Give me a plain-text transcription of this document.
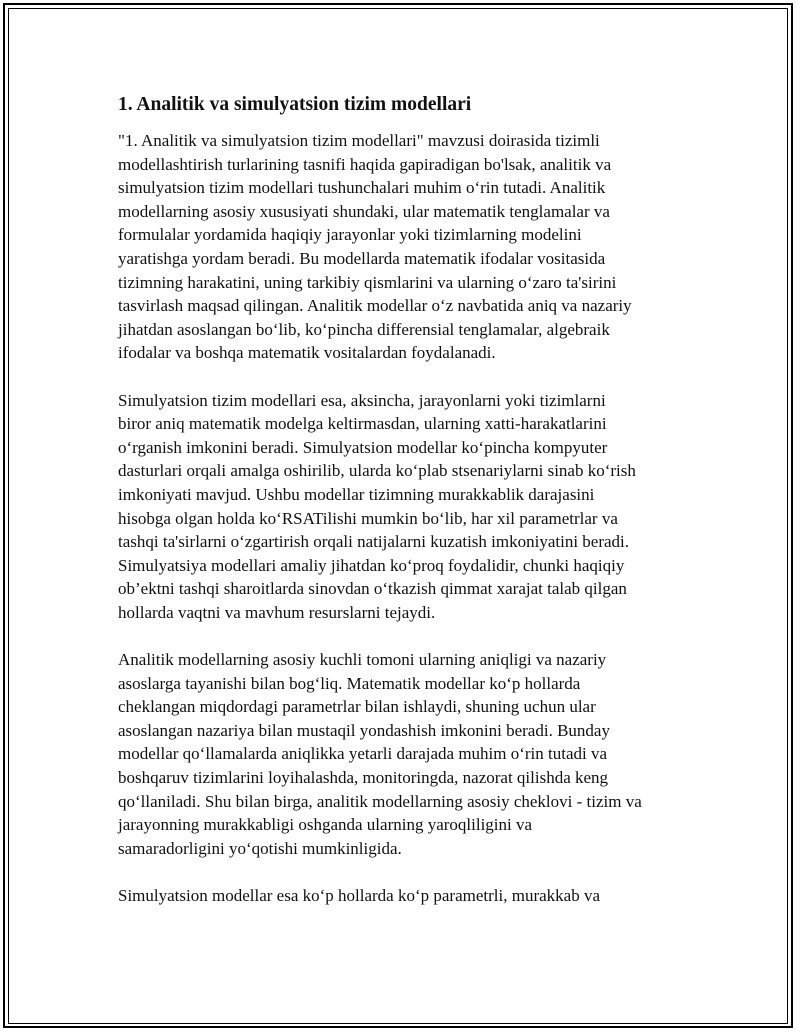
1. Analitik va simulyatsion tizim modellari
"1. Analitik va simulyatsion tizim modellari" mavzusi doirasida tizimli
modellashtirish turlarining tasnifi haqida gapiradigan bo'lsak, analitik va
simulyatsion tizim modellari tushunchalari muhim o‘rin tutadi. Analitik
modellarning asosiy xususiyati shundaki, ular matematik tenglamalar va
formulalar yordamida haqiqiy jarayonlar yoki tizimlarning modelini
yaratishga yordam beradi. Bu modellarda matematik ifodalar vositasida
tizimning harakatini, uning tarkibiy qismlarini va ularning o‘zaro ta'sirini
tasvirlash maqsad qilingan. Analitik modellar o‘z navbatida aniq va nazariy
jihatdan asoslangan bo‘lib, ko‘pincha differensial tenglamalar, algebraik
ifodalar va boshqa matematik vositalardan foydalanadi.
Simulyatsion tizim modellari esa, aksincha, jarayonlarni yoki tizimlarni
biror aniq matematik modelga keltirmasdan, ularning xatti-harakatlarini
o‘rganish imkonini beradi. Simulyatsion modellar ko‘pincha kompyuter
dasturlari orqali amalga oshirilib, ularda ko‘plab stsenariylarni sinab ko‘rish
imkoniyati mavjud. Ushbu modellar tizimning murakkablik darajasini
hisobga olgan holda ko‘RSATilishi mumkin bo‘lib, har xil parametrlar va
tashqi ta'sirlarni o‘zgartirish orqali natijalarni kuzatish imkoniyatini beradi.
Simulyatsiya modellari amaliy jihatdan ko‘proq foydalidir, chunki haqiqiy
ob’ektni tashqi sharoitlarda sinovdan o‘tkazish qimmat xarajat talab qilgan
hollarda vaqtni va mavhum resurslarni tejaydi.
Analitik modellarning asosiy kuchli tomoni ularning aniqligi va nazariy
asoslarga tayanishi bilan bog‘liq. Matematik modellar ko‘p hollarda
cheklangan miqdordagi parametrlar bilan ishlaydi, shuning uchun ular
asoslangan nazariya bilan mustaqil yondashish imkonini beradi. Bunday
modellar qo‘llamalarda aniqlikka yetarli darajada muhim o‘rin tutadi va
boshqaruv tizimlarini loyihalashda, monitoringda, nazorat qilishda keng
qo‘llaniladi. Shu bilan birga, analitik modellarning asosiy cheklovi - tizim va
jarayonning murakkabligi oshganda ularning yaroqliligini va
samaradorligini yo‘qotishi mumkinligida.
Simulyatsion modellar esa ko‘p hollarda ko‘p parametrli, murakkab va
